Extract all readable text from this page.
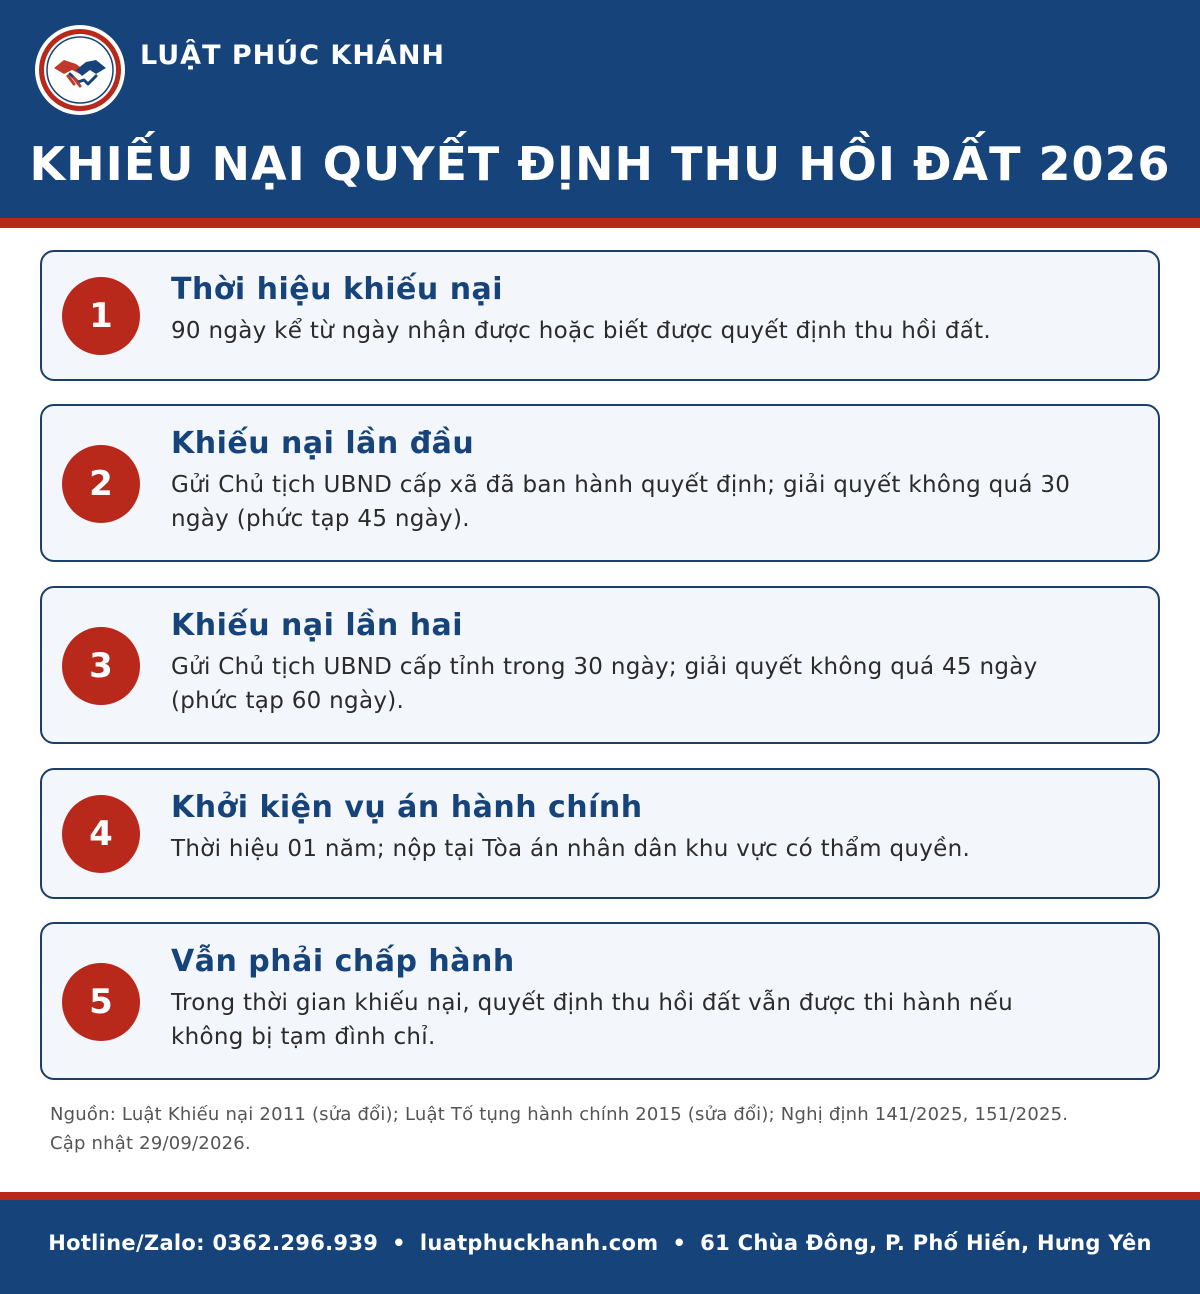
LUẬT PHÚC KHÁNH
KHIẾU NẠI QUYẾT ĐỊNH THU HỒI ĐẤT 2026
1
Thời hiệu khiếu nại
90 ngày kể từ ngày nhận được hoặc biết được quyết định thu hồi đất.
2
Khiếu nại lần đầu
Gửi Chủ tịch UBND cấp xã đã ban hành quyết định; giải quyết không quá 30 ngày (phức tạp 45 ngày).
3
Khiếu nại lần hai
Gửi Chủ tịch UBND cấp tỉnh trong 30 ngày; giải quyết không quá 45 ngày (phức tạp 60 ngày).
4
Khởi kiện vụ án hành chính
Thời hiệu 01 năm; nộp tại Tòa án nhân dân khu vực có thẩm quyền.
5
Vẫn phải chấp hành
Trong thời gian khiếu nại, quyết định thu hồi đất vẫn được thi hành nếu không bị tạm đình chỉ.
Nguồn: Luật Khiếu nại 2011 (sửa đổi); Luật Tố tụng hành chính 2015 (sửa đổi); Nghị định 141/2025, 151/2025. Cập nhật 29/09/2026.
Hotline/Zalo: 0362.296.939 • luatphuckhanh.com • 61 Chùa Đông, P. Phố Hiến, Hưng Yên
